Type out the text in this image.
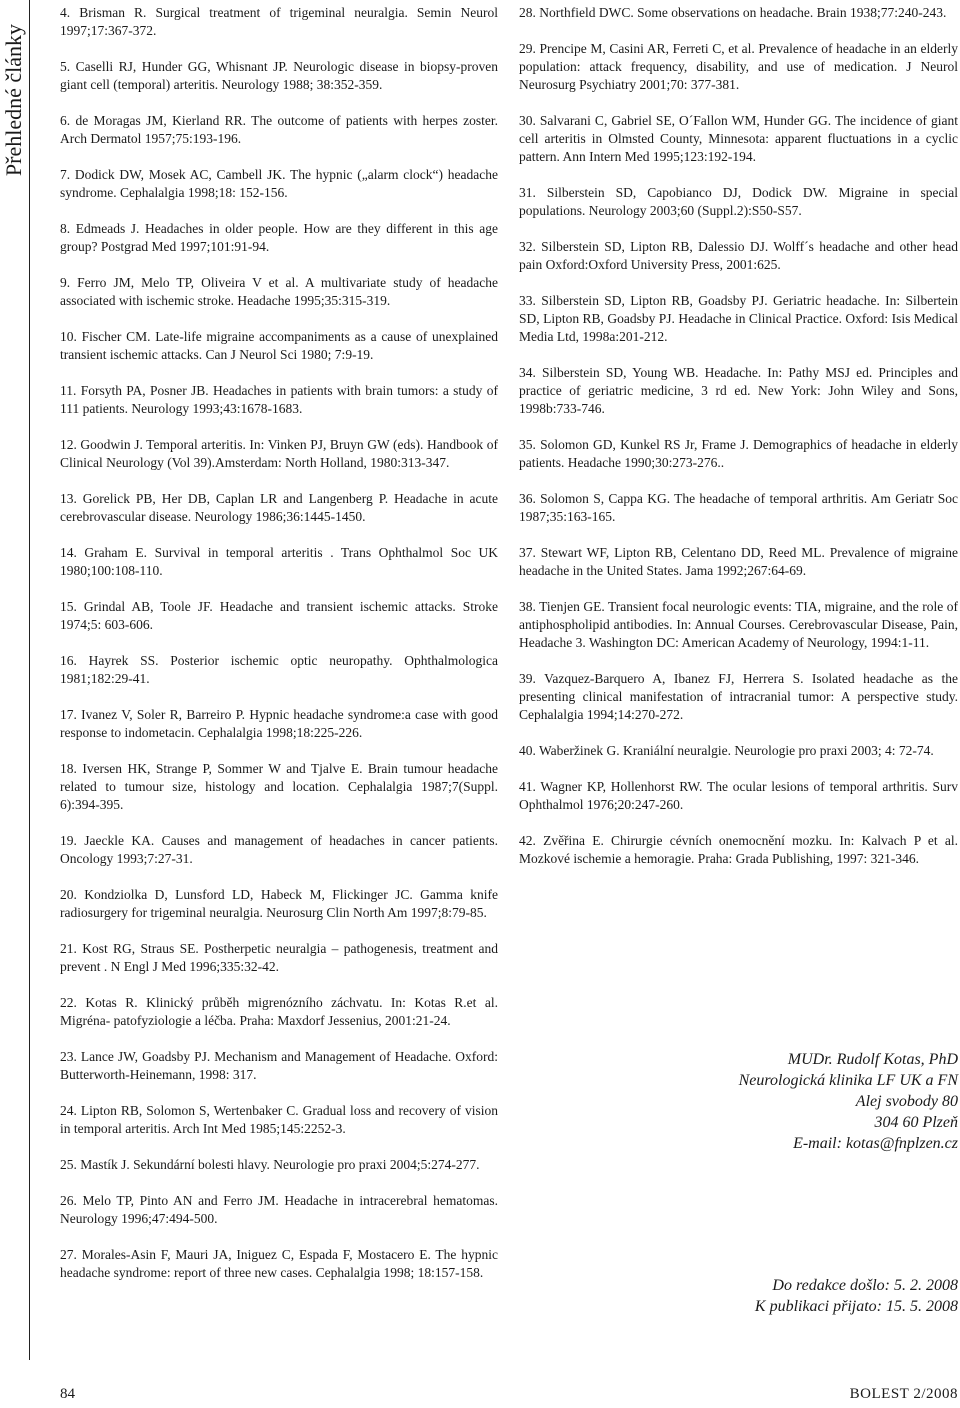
Přehledné články

4. Brisman R. Surgical treatment of trigeminal neuralgia. Semin Neurol 1997;17:367-372.

5. Caselli RJ, Hunder GG, Whisnant JP. Neurologic disease in biopsy-proven giant cell (temporal) arteritis. Neurology 1988; 38:352-359.

6. de Moragas JM, Kierland RR. The outcome of patients with herpes zoster. Arch Dermatol 1957;75:193-196.

7. Dodick DW, Mosek AC, Cambell JK. The hypnic („alarm clock“) headache syndrome. Cephalalgia 1998;18: 152-156.

8. Edmeads J. Headaches in older people. How are they different in this age group? Postgrad Med 1997;101:91-94.

9. Ferro JM, Melo TP, Oliveira V et al. A multivariate study of headache associated with ischemic stroke. Headache 1995;35:315-319.

10. Fischer CM. Late-life migraine accompaniments as a cause of unexplained transient ischemic attacks. Can J Neurol Sci 1980; 7:9-19.

11. Forsyth PA, Posner JB. Headaches in patients with brain tumors: a study of 111 patients. Neurology 1993;43:1678-1683.

12. Goodwin J. Temporal arteritis. In: Vinken PJ, Bruyn GW (eds). Handbook of Clinical Neurology (Vol 39).Amsterdam: North Holland, 1980:313-347.

13. Gorelick PB, Her DB, Caplan LR and Langenberg P. Headache in acute cerebrovascular disease. Neurology 1986;36:1445-1450.

14. Graham E. Survival in temporal arteritis . Trans Ophthalmol Soc UK 1980;100:108-110.

15. Grindal AB, Toole JF. Headache and transient ischemic attacks. Stroke 1974;5: 603-606.

16. Hayrek SS. Posterior ischemic optic neuropathy. Ophthalmologica 1981;182:29-41.

17. Ivanez V, Soler R, Barreiro P. Hypnic headache syndrome:a case with good response to indometacin. Cephalalgia 1998;18:225-226.

18. Iversen HK, Strange P, Sommer W and Tjalve E. Brain tumour headache related to tumour size, histology and location. Cephalalgia 1987;7(Suppl. 6):394-395.

19. Jaeckle KA. Causes and management of headaches in cancer patients. Oncology 1993;7:27-31.

20. Kondziolka D, Lunsford LD, Habeck M, Flickinger JC. Gamma knife radiosurgery for trigeminal neuralgia. Neurosurg Clin North Am 1997;8:79-85.

21. Kost RG, Straus SE. Postherpetic neuralgia – pathogenesis, treatment and prevent . N Engl J Med 1996;335:32-42.

22. Kotas R. Klinický průběh migrenózního záchvatu. In: Kotas R.et al. Migréna- patofyziologie a léčba. Praha: Maxdorf Jessenius, 2001:21-24.

23. Lance JW, Goadsby PJ. Mechanism and Management of Headache. Oxford: Butterworth-Heinemann, 1998: 317.

24. Lipton RB, Solomon S, Wertenbaker C. Gradual loss and recovery of vision in temporal arteritis. Arch Int Med 1985;145:2252-3.

25. Mastík J. Sekundární bolesti hlavy. Neurologie pro praxi 2004;5:274-277.

26. Melo TP, Pinto AN and Ferro JM. Headache in intracerebral hematomas. Neurology 1996;47:494-500.

27. Morales-Asin F, Mauri JA, Iniguez C, Espada F, Mostacero E. The hypnic headache syndrome: report of three new cases. Cephalalgia 1998; 18:157-158.

28. Northfield DWC. Some observations on headache. Brain 1938;77:240-243.

29. Prencipe M, Casini AR, Ferreti C, et al. Prevalence of headache in an elderly population: attack frequency, disability, and use of medication. J Neurol Neurosurg Psychiatry 2001;70: 377-381.

30. Salvarani C, Gabriel SE, O´Fallon WM, Hunder GG. The incidence of giant cell arteritis in Olmsted County, Minnesota: apparent fluctuations in a cyclic pattern. Ann Intern Med 1995;123:192-194.

31. Silberstein SD, Capobianco DJ, Dodick DW. Migraine in special populations. Neurology 2003;60 (Suppl.2):S50-S57.

32. Silberstein SD, Lipton RB, Dalessio DJ. Wolff´s headache and other head pain Oxford:Oxford University Press, 2001:625.

33. Silberstein SD, Lipton RB, Goadsby PJ. Geriatric headache. In: Silbertein SD, Lipton RB, Goadsby PJ. Headache in Clinical Practice. Oxford: Isis Medical Media Ltd, 1998a:201-212.

34. Silberstein SD, Young WB. Headache. In: Pathy MSJ ed. Principles and practice of geriatric medicine, 3 rd ed. New York: John Wiley and Sons, 1998b:733-746.

35. Solomon GD, Kunkel RS Jr, Frame J. Demographics of headache in elderly patients. Headache 1990;30:273-276..

36. Solomon S, Cappa KG. The headache of temporal arthritis. Am Geriatr Soc 1987;35:163-165.

37. Stewart WF, Lipton RB, Celentano DD, Reed ML. Prevalence of migraine headache in the United States. Jama 1992;267:64-69.

38. Tienjen GE. Transient focal neurologic events: TIA, migraine, and the role of antiphospholipid antibodies. In: Annual Courses. Cerebrovascular Disease, Pain, Headache 3. Washington DC: American Academy of Neurology, 1994:1-11.

39. Vazquez-Barquero A, Ibanez FJ, Herrera S. Isolated headache as the presenting clinical manifestation of intracranial tumor: A perspective study. Cephalalgia 1994;14:270-272.

40. Waberžinek G. Kraniální neuralgie. Neurologie pro praxi 2003; 4: 72-74.

41. Wagner KP, Hollenhorst RW. The ocular lesions of temporal arthritis. Surv Ophthalmol 1976;20:247-260.

42. Zvěřina E. Chirurgie cévních onemocnění mozku. In: Kalvach P et al. Mozkové ischemie a hemoragie. Praha: Grada Publishing, 1997: 321-346.

MUDr. Rudolf Kotas, PhD
Neurologická klinika LF UK a FN
Alej svobody 80
304 60 Plzeň
E-mail: kotas@fnplzen.cz
Do redakce došlo: 5. 2. 2008
K publikaci přijato: 15. 5. 2008
84	BOLEST 2/2008
